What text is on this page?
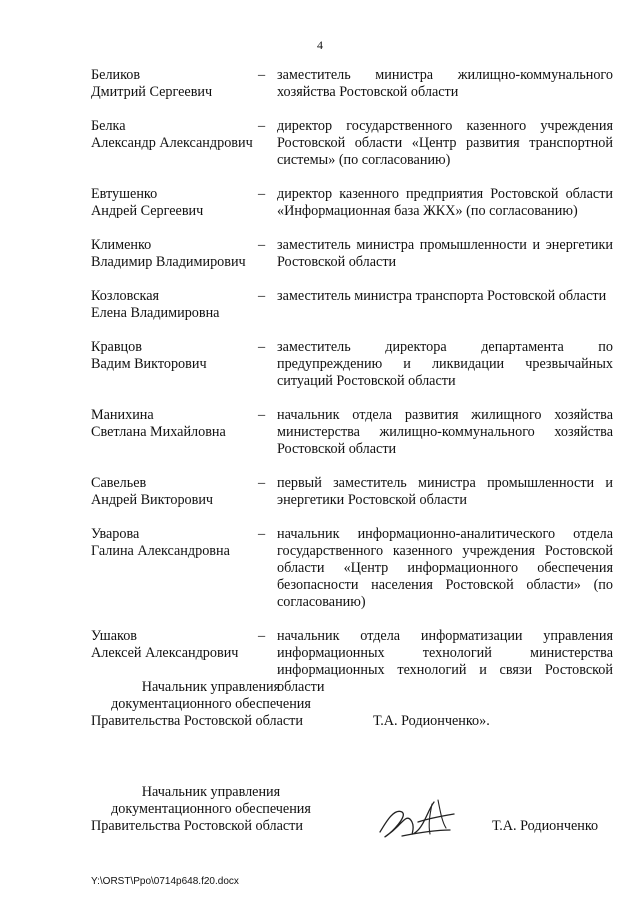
4
Беликов
Дмитрий Сергеевич
– заместитель министра жилищно-коммунального хозяйства Ростовской области
Белка
Александр Александрович
– директор государственного казенного учреждения Ростовской области «Центр развития транспортной системы» (по согласованию)
Евтушенко
Андрей Сергеевич
– директор казенного предприятия Ростовской области «Информационная база ЖКХ» (по согласованию)
Клименко
Владимир Владимирович
– заместитель министра промышленности и энергетики Ростовской области
Козловская
Елена Владимировна
– заместитель министра транспорта Ростовской области
Кравцов
Вадим Викторович
– заместитель директора департамента по предупреждению и ликвидации чрезвычайных ситуаций Ростовской области
Манихина
Светлана Михайловна
– начальник отдела развития жилищного хозяйства министерства жилищно-коммунального хозяйства Ростовской области
Савельев
Андрей Викторович
– первый заместитель министра промышленности и энергетики Ростовской области
Уварова
Галина Александровна
– начальник информационно-аналитического отдела государственного казенного учреждения Ростовской области «Центр информационного обеспечения безопасности населения Ростовской области» (по согласованию)
Ушаков
Алексей Александрович
– начальник отдела информатизации управления информационных технологий министерства информационных технологий и связи Ростовской области
Начальник управления
документационного обеспечения
Правительства Ростовской области	Т.А. Родионченко».
Начальник управления
документационного обеспечения
Правительства Ростовской области	Т.А. Родионченко
Y:\ORST\Ppo\0714p648.f20.docx
